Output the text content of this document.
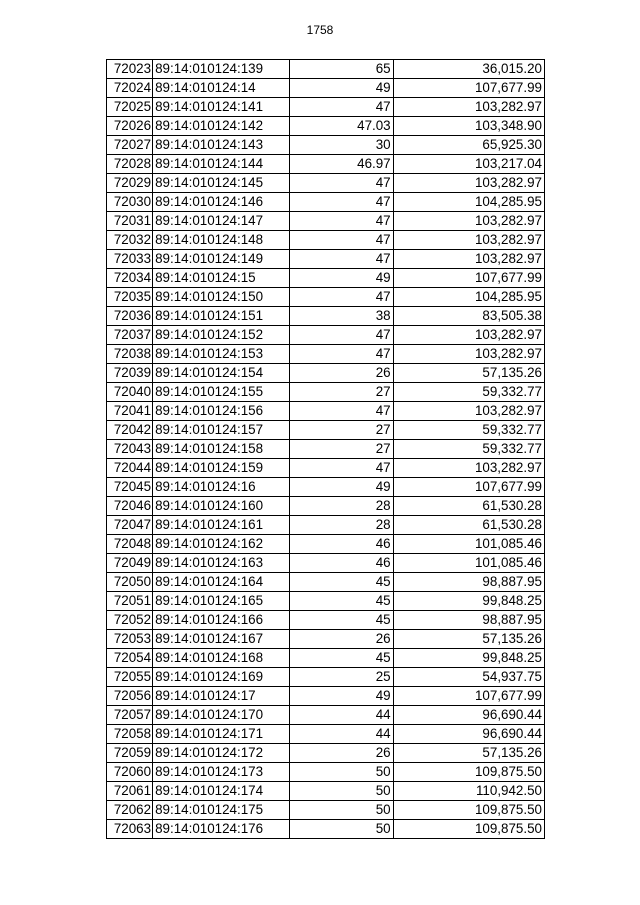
1758
72023	89:14:010124:139	65	36,015.20
72024	89:14:010124:14	49	107,677.99
72025	89:14:010124:141	47	103,282.97
72026	89:14:010124:142	47.03	103,348.90
72027	89:14:010124:143	30	65,925.30
72028	89:14:010124:144	46.97	103,217.04
72029	89:14:010124:145	47	103,282.97
72030	89:14:010124:146	47	104,285.95
72031	89:14:010124:147	47	103,282.97
72032	89:14:010124:148	47	103,282.97
72033	89:14:010124:149	47	103,282.97
72034	89:14:010124:15	49	107,677.99
72035	89:14:010124:150	47	104,285.95
72036	89:14:010124:151	38	83,505.38
72037	89:14:010124:152	47	103,282.97
72038	89:14:010124:153	47	103,282.97
72039	89:14:010124:154	26	57,135.26
72040	89:14:010124:155	27	59,332.77
72041	89:14:010124:156	47	103,282.97
72042	89:14:010124:157	27	59,332.77
72043	89:14:010124:158	27	59,332.77
72044	89:14:010124:159	47	103,282.97
72045	89:14:010124:16	49	107,677.99
72046	89:14:010124:160	28	61,530.28
72047	89:14:010124:161	28	61,530.28
72048	89:14:010124:162	46	101,085.46
72049	89:14:010124:163	46	101,085.46
72050	89:14:010124:164	45	98,887.95
72051	89:14:010124:165	45	99,848.25
72052	89:14:010124:166	45	98,887.95
72053	89:14:010124:167	26	57,135.26
72054	89:14:010124:168	45	99,848.25
72055	89:14:010124:169	25	54,937.75
72056	89:14:010124:17	49	107,677.99
72057	89:14:010124:170	44	96,690.44
72058	89:14:010124:171	44	96,690.44
72059	89:14:010124:172	26	57,135.26
72060	89:14:010124:173	50	109,875.50
72061	89:14:010124:174	50	110,942.50
72062	89:14:010124:175	50	109,875.50
72063	89:14:010124:176	50	109,875.50
